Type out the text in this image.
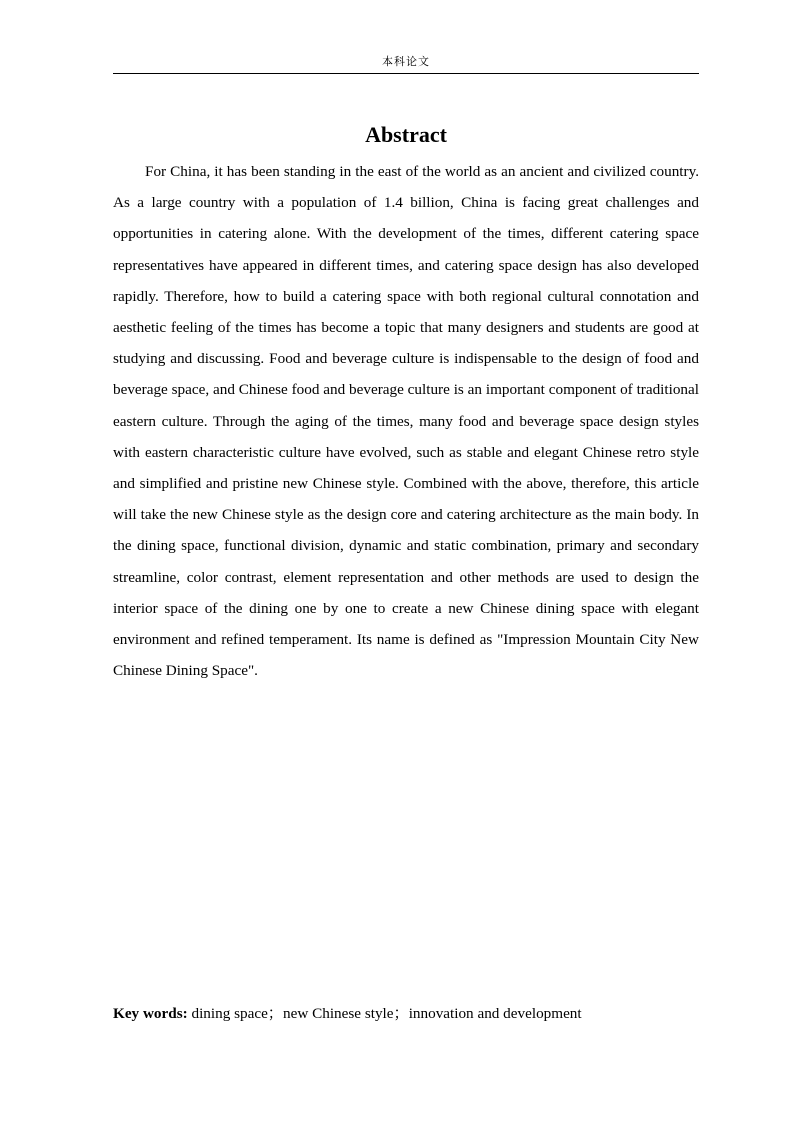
本科论文
Abstract

For China, it has been standing in the east of the world as an ancient and civilized country. As a large country with a population of 1.4 billion, China is facing great challenges and opportunities in catering alone. With the development of the times, different catering space representatives have appeared in different times, and catering space design has also developed rapidly. Therefore, how to build a catering space with both regional cultural connotation and aesthetic feeling of the times has become a topic that many designers and students are good at studying and discussing. Food and beverage culture is indispensable to the design of food and beverage space, and Chinese food and beverage culture is an important component of traditional eastern culture. Through the aging of the times, many food and beverage space design styles with eastern characteristic culture have evolved, such as stable and elegant Chinese retro style and simplified and pristine new Chinese style. Combined with the above, therefore, this article will take the new Chinese style as the design core and catering architecture as the main body. In the dining space, functional division, dynamic and static combination, primary and secondary streamline, color contrast, element representation and other methods are used to design the interior space of the dining one by one to create a new Chinese dining space with elegant environment and refined temperament. Its name is defined as "Impression Mountain City New Chinese Dining Space".

Key words: dining space；new Chinese style；innovation and development
